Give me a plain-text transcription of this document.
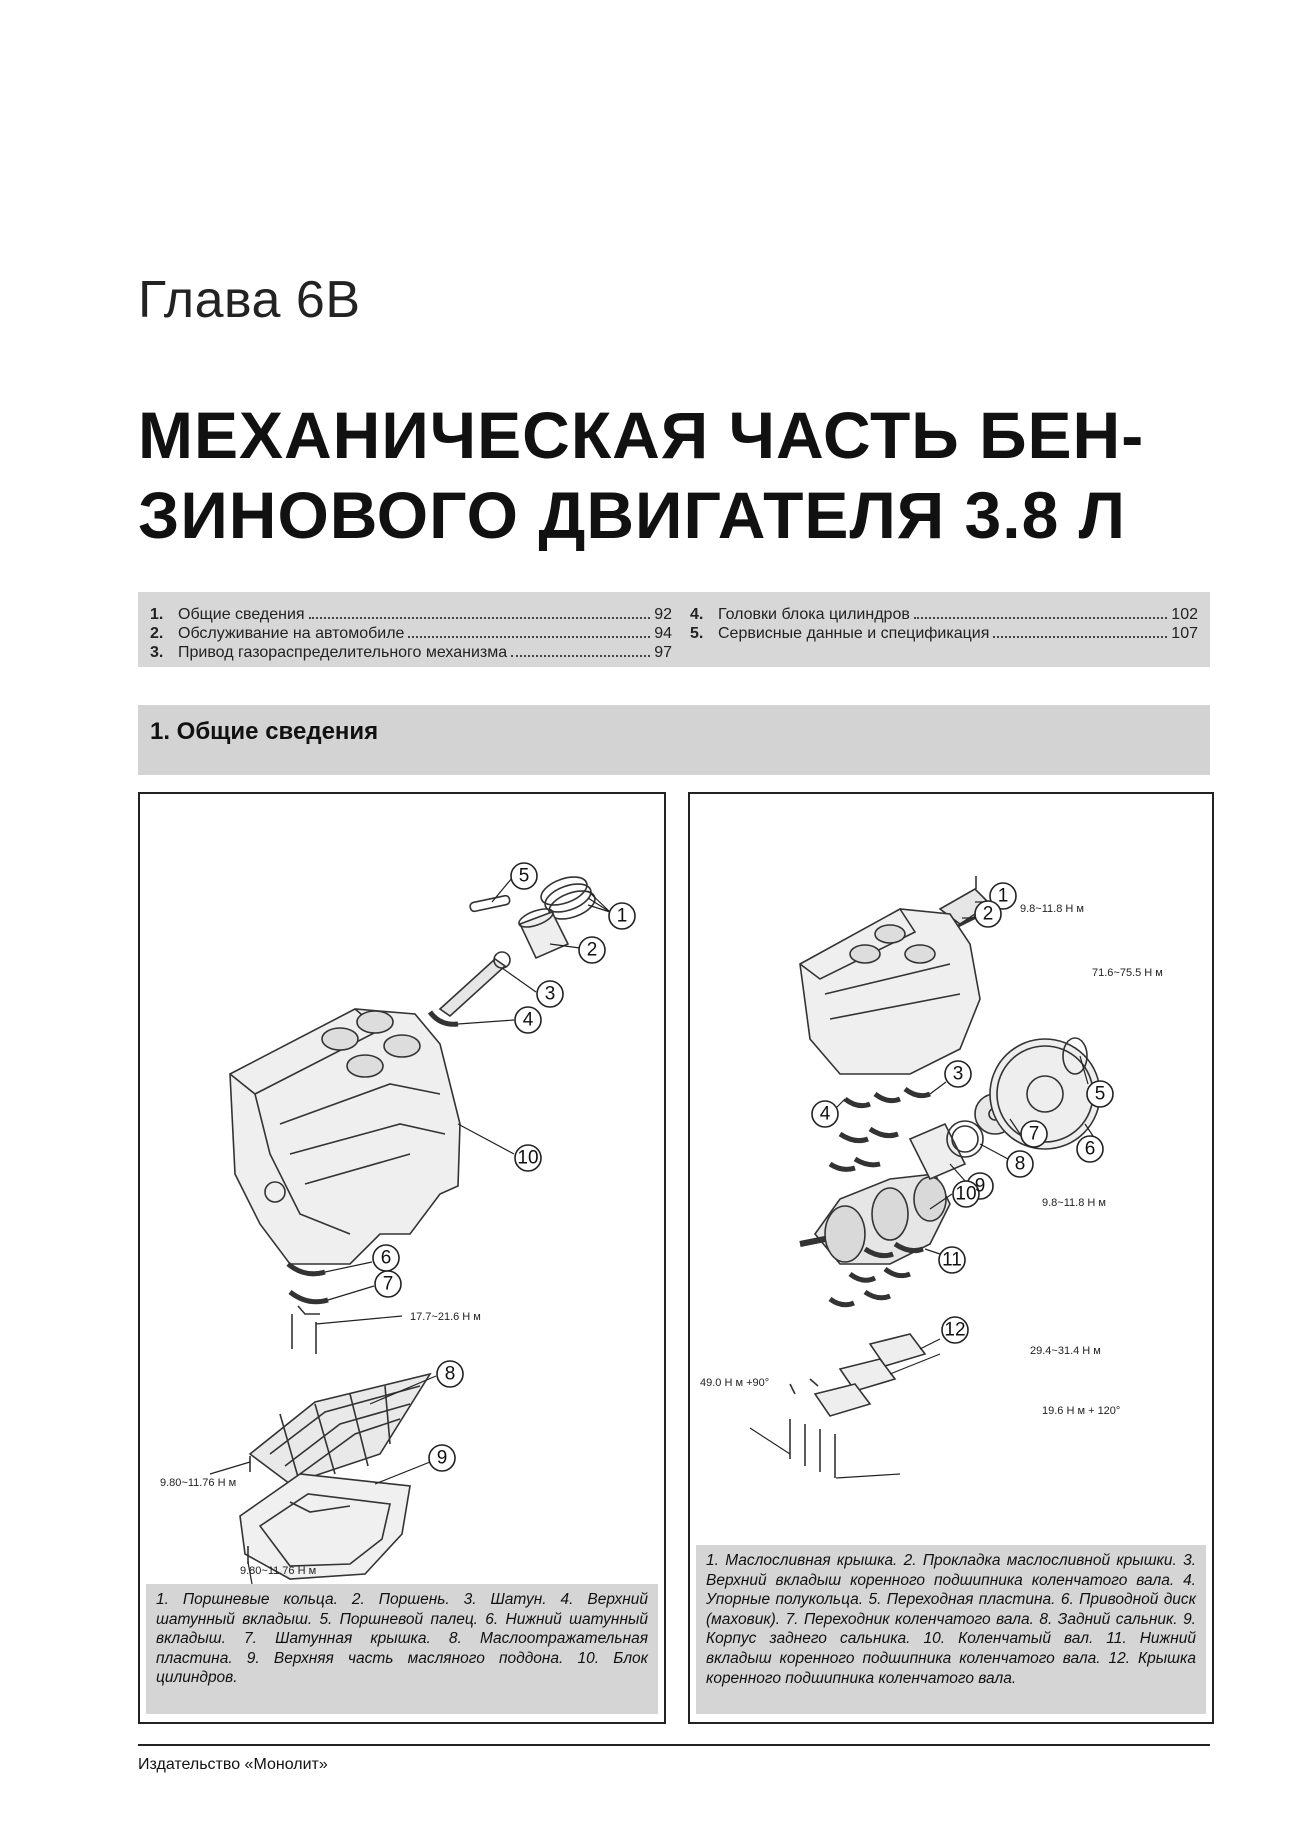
Глава 6В
МЕХАНИЧЕСКАЯ ЧАСТЬ БЕН-
ЗИНОВОГО ДВИГАТЕЛЯ 3.8 Л
1. Общие сведения	92
2. Обслуживание на автомобиле	94
3. Привод газораспределительного механизма	97
4. Головки блока цилиндров	102
5. Сервисные данные и спецификация	107
1. Общие сведения
1
2
3
4
5
6
7
8
9
10
17.7~21.6 Н м
9.80~11.76 Н м
9.80~11.76 Н м
1. Поршневые кольца. 2. Поршень. 3. Шатун. 4. Верхний шатунный вкладыш. 5. Поршневой палец. 6. Нижний шатунный вкладыш. 7. Шатунная крышка. 8. Маслоотражательная пластина. 9. Верхняя часть масляного поддона. 10. Блок цилиндров.
1
2
3
4
5
6
7
8
9
10
11
12
9.8~11.8 Н м
71.6~75.5 Н м
9.8~11.8 Н м
29.4~31.4 Н м
49.0 Н м +90°
19.6 Н м + 120°
1. Маслосливная крышка. 2. Прокладка маслосливной крышки. 3. Верхний вкладыш коренного подшипника коленчатого вала. 4. Упорные полукольца. 5. Переходная пластина. 6. Приводной диск (маховик). 7. Переходник коленчатого вала. 8. Задний сальник. 9. Корпус заднего сальника. 10. Коленчатый вал. 11. Нижний вкладыш коренного подшипника коленчатого вала. 12. Крышка коренного подшипника коленчатого вала.
Издательство «Монолит»
